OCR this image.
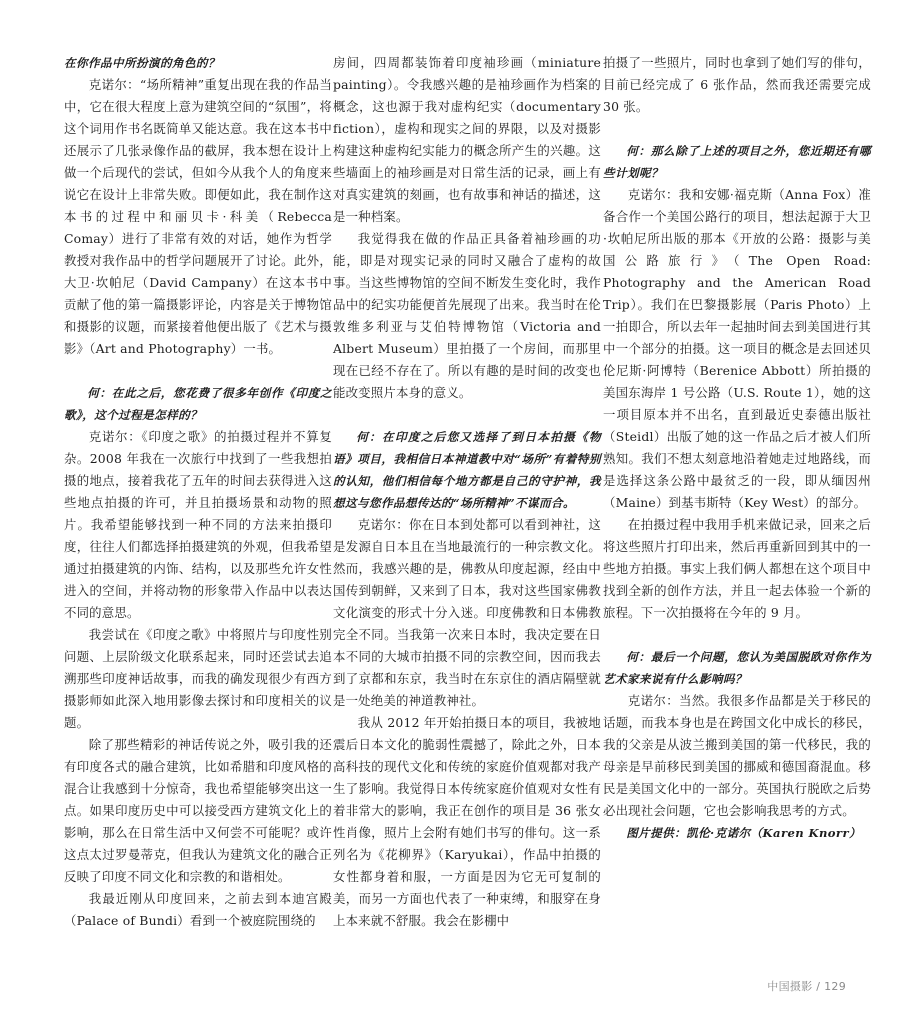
在你作品中所扮演的角色的？

克诺尔：“场所精神”重复出现在我的作品当中，它在很大程度上意为建筑空间的“氛围”，将这个词用作书名既简单又能达意。我在这本书中还展示了几张录像作品的截屏，我本想在设计上做一个后现代的尝试，但如今从我个人的角度来说它在设计上非常失败。即便如此，我在制作这本书的过程中和丽贝卡·科美（Rebecca Comay）进行了非常有效的对话，她作为哲学教授对我作品中的哲学问题展开了讨论。此外，大卫·坎帕尼（David Campany）在这本书中贡献了他的第一篇摄影评论，内容是关于博物馆和摄影的议题，而紧接着他便出版了《艺术与摄影》（Art and Photography）一书。

何：在此之后，您花费了很多年创作《印度之歌》，这个过程是怎样的？

克诺尔：《印度之歌》的拍摄过程并不算复杂。2008 年我在一次旅行中找到了一些我想拍摄的地点，接着我花了五年的时间去获得进入这些地点拍摄的许可，并且拍摄场景和动物的照片。我希望能够找到一种不同的方法来拍摄印度，往往人们都选择拍摄建筑的外观，但我希望通过拍摄建筑的内饰、结构，以及那些允许女性进入的空间，并将动物的形象带入作品中以表达不同的意思。

我尝试在《印度之歌》中将照片与印度性别问题、上层阶级文化联系起来，同时还尝试去追溯那些印度神话故事，而我的确发现很少有西方摄影师如此深入地用影像去探讨和印度相关的议题。

除了那些精彩的神话传说之外，吸引我的还有印度各式的融合建筑，比如希腊和印度风格的混合让我感到十分惊奇，我也希望能够突出这一点。如果印度历史中可以接受西方建筑文化上的影响，那么在日常生活中又何尝不可能呢？或许这点太过罗曼蒂克，但我认为建筑文化的融合正反映了印度不同文化和宗教的和谐相处。

我最近刚从印度回来，之前去到本迪宫殿（Palace of Bundi）看到一个被庭院围绕的

房间，四周都装饰着印度袖珍画（miniature painting）。令我感兴趣的是袖珍画作为档案的概念，这也源于我对虚构纪实（documentary fiction），虚构和现实之间的界限，以及对摄影构建这种虚构纪实能力的概念所产生的兴趣。这些墙面上的袖珍画是对日常生活的记录，画上有对真实建筑的刻画，也有故事和神话的描述，这是一种档案。

我觉得我在做的作品正具备着袖珍画的功能，即是对现实记录的同时又融合了虚构的故事。当这些博物馆的空间不断发生变化时，我作品中的纪实功能便首先展现了出来。我当时在伦敦维多利亚与艾伯特博物馆（Victoria and Albert Museum）里拍摄了一个房间，而那里现在已经不存在了。所以有趣的是时间的改变也能改变照片本身的意义。

何：在印度之后您又选择了到日本拍摄《物语》项目，我相信日本神道教中对“场所”有着特别的认知，他们相信每个地方都是自己的守护神，我想这与您作品想传达的“场所精神”不谋而合。

克诺尔：你在日本到处都可以看到神社，这是发源自日本且在当地最流行的一种宗教文化。然而，我感兴趣的是，佛教从印度起源，经由中国传到朝鲜，又来到了日本，我对这些国家佛教文化演变的形式十分入迷。印度佛教和日本佛教完全不同。当我第一次来日本时，我决定要在日本不同的大城市拍摄不同的宗教空间，因而我去到了京都和东京，我当时在东京住的酒店隔壁就是一处绝美的神道教神社。

我从 2012 年开始拍摄日本的项目，我被地震后日本文化的脆弱性震撼了，除此之外，日本高科技的现代文化和传统的家庭价值观都对我产生了影响。我觉得日本传统家庭价值观对女性有着非常大的影响，我正在创作的项目是 36 张女性肖像，照片上会附有她们书写的俳句。这一系列名为《花柳界》（Karyukai），作品中拍摄的女性都身着和服，一方面是因为它无可复制的美，而另一方面也代表了一种束缚，和服穿在身上本来就不舒服。我会在影棚中

拍摄了一些照片，同时也拿到了她们写的俳句，目前已经完成了 6 张作品，然而我还需要完成 30 张。

何：那么除了上述的项目之外，您近期还有哪些计划呢？

克诺尔：我和安娜·福克斯（Anna Fox）准备合作一个美国公路行的项目，想法起源于大卫·坎帕尼所出版的那本《开放的公路：摄影与美国公路旅行》（The Open Road: Photography and the American Road Trip）。我们在巴黎摄影展（Paris Photo）上一拍即合，所以去年一起抽时间去到美国进行其中一个部分的拍摄。这一项目的概念是去回述贝伦尼斯·阿博特（Berenice Abbott）所拍摄的美国东海岸 1 号公路（U.S. Route 1），她的这一项目原本并不出名，直到最近史泰德出版社（Steidl）出版了她的这一作品之后才被人们所熟知。我们不想太刻意地沿着她走过地路线，而是选择这条公路中最贫乏的一段，即从缅因州（Maine）到基韦斯特（Key West）的部分。

在拍摄过程中我用手机来做记录，回来之后将这些照片打印出来，然后再重新回到其中的一些地方拍摄。事实上我们俩人都想在这个项目中找到全新的创作方法，并且一起去体验一个新的旅程。下一次拍摄将在今年的 9 月。

何：最后一个问题，您认为美国脱欧对你作为艺术家来说有什么影响吗？

克诺尔：当然。我很多作品都是关于移民的话题，而我本身也是在跨国文化中成长的移民，我的父亲是从波兰搬到美国的第一代移民，我的母亲是早前移民到美国的挪威和德国裔混血。移民是美国文化中的一部分。英国执行脱欧之后势必出现社会问题，它也会影响我思考的方式。

图片提供：凯伦·克诺尔（Karen Knorr）

中国摄影 / 129
